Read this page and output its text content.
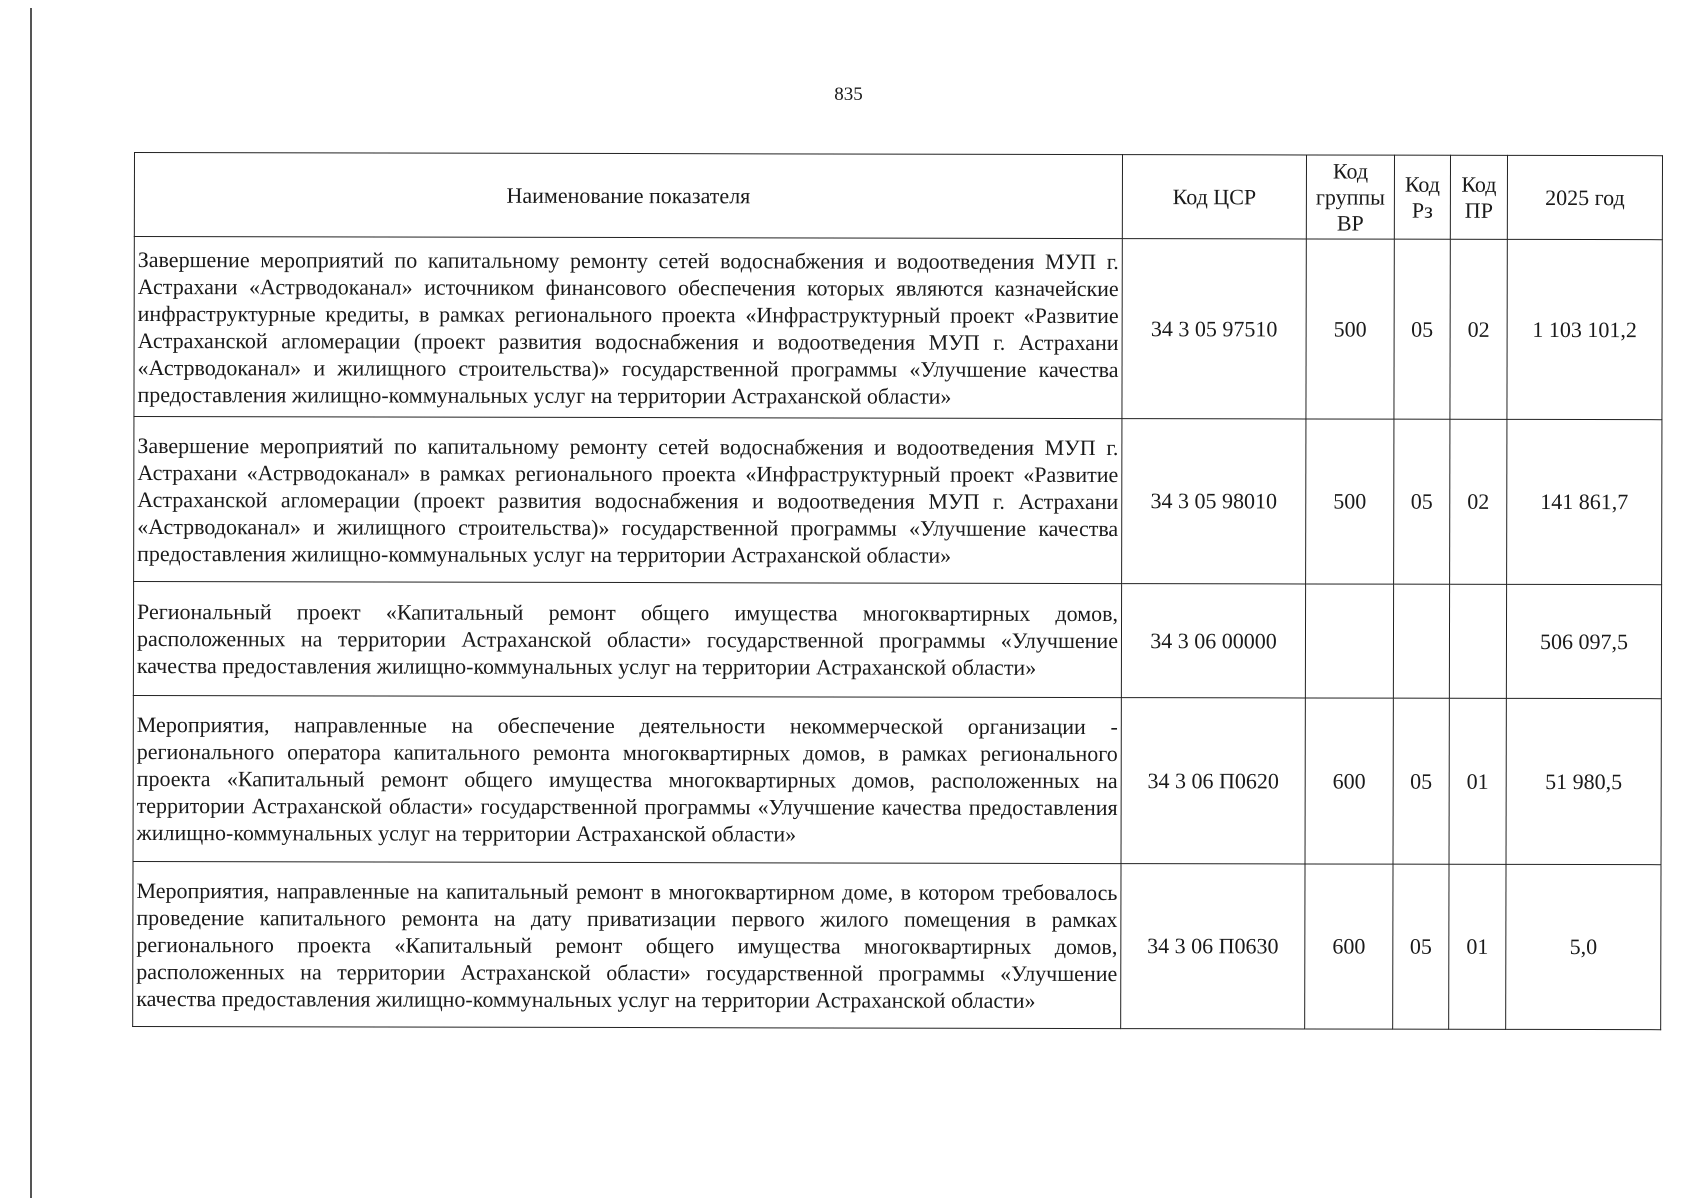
835
Наименование показателя	Код ЦСР	Код группы ВР	Код Рз	Код ПР	2025 год
Завершение мероприятий по капитальному ремонту сетей водоснабжения и водоотведения МУП г. Астрахани «Астрводоканал» источником финансового обеспечения которых являются казначейские инфраструктурные кредиты, в рамках регионального проекта «Инфраструктурный проект «Развитие Астраханской агломерации (проект развития водоснабжения и водоотведения МУП г. Астрахани «Астрводоканал» и жилищного строительства)» государственной программы «Улучшение качества предоставления жилищно-коммунальных услуг на территории Астраханской области»	34 3 05 97510	500	05	02	1 103 101,2
Завершение мероприятий по капитальному ремонту сетей водоснабжения и водоотведения МУП г. Астрахани «Астрводоканал» в рамках регионального проекта «Инфраструктурный проект «Развитие Астраханской агломерации (проект развития водоснабжения и водоотведения МУП г. Астрахани «Астрводоканал» и жилищного строительства)» государственной программы «Улучшение качества предоставления жилищно-коммунальных услуг на территории Астраханской области»	34 3 05 98010	500	05	02	141 861,7
Региональный проект «Капитальный ремонт общего имущества многоквартирных домов, расположенных на территории Астраханской области» государственной программы «Улучшение качества предоставления жилищно-коммунальных услуг на территории Астраханской области»	34 3 06 00000				506 097,5
Мероприятия, направленные на обеспечение деятельности некоммерческой организации - регионального оператора капитального ремонта многоквартирных домов, в рамках регионального проекта «Капитальный ремонт общего имущества многоквартирных домов, расположенных на территории Астраханской области» государственной программы «Улучшение качества предоставления жилищно-коммунальных услуг на территории Астраханской области»	34 3 06 П0620	600	05	01	51 980,5
Мероприятия, направленные на капитальный ремонт в многоквартирном доме, в котором требовалось проведение капитального ремонта на дату приватизации первого жилого помещения в рамках регионального проекта «Капитальный ремонт общего имущества многоквартирных домов, расположенных на территории Астраханской области» государственной программы «Улучшение качества предоставления жилищно-коммунальных услуг на территории Астраханской области»	34 3 06 П0630	600	05	01	5,0
